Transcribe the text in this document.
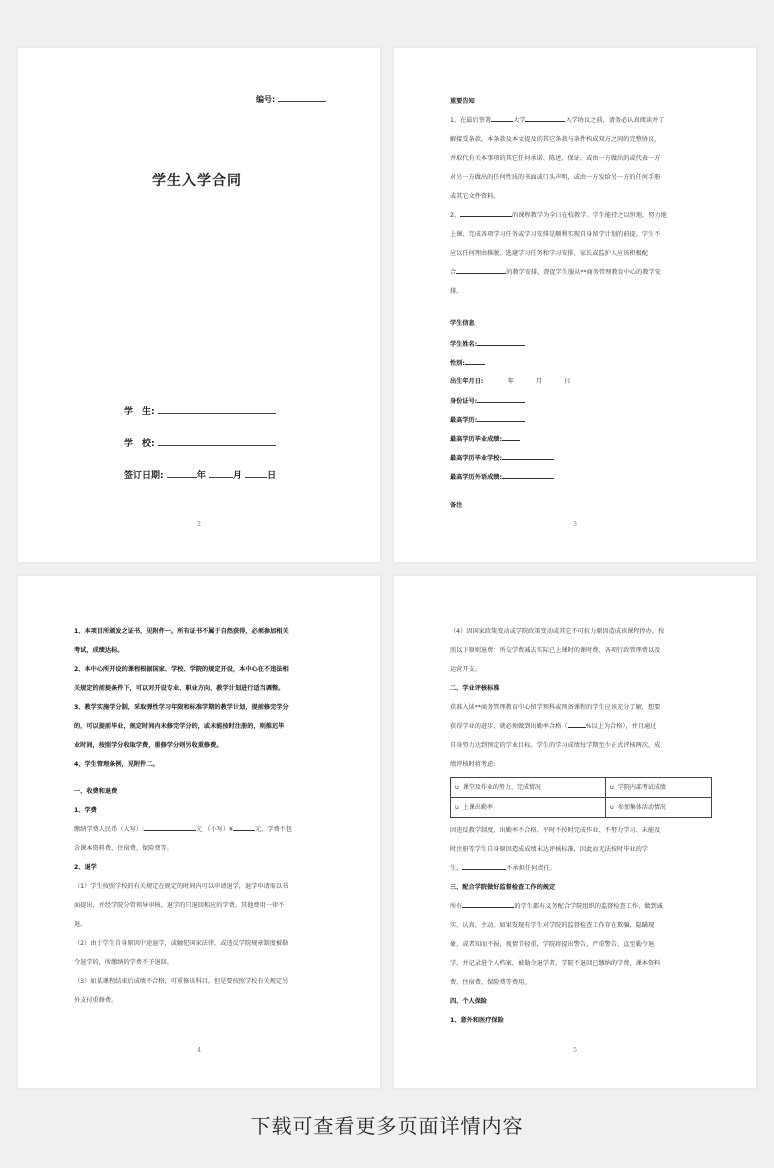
编号:
学生入学合同
学　生:
学　校:
签订日期:	年	月	日
2

重要告知

1、在最后签署	大学	入学协议之前，请务必认真阅读并了

解接受条款。本条款及本文提及的其它条款与条件构成双方之间的完整协议，

并取代有关本事项的其它任何承诺、陈述、保证、或由一方做出的或代表一方

对另一方做出的任何性质的书面或口头声明，或由一方发给另一方的任何手册

或其它文件资料。

2、	的课程教学为全日在校教学。学生能持之以恒地、努力地

上课、完成各项学习任务或学习安排是顺利实现自身留学计划的前提。学生不

应以任何理由推脱、逃避学习任务和学习安排，家长或监护人应该积极配

合	的教学安排，督促学生服从**商务管理教育中心的教学安

排。

学生信息
学生姓名:
性别:
出生年月日:	年	月	日
身份证号:
最高学历:
最高学历毕业成绩:
最高学历毕业学校:
最高学历外语成绩:
备注
3

1、本项目所颁发之证书，见附件一。所有证书不属于自然获得，必须参加相关

考试，成绩达标。

2、本中心所开设的课程根据国家、学校、学院的规定开设，本中心在不违法相

关规定的前提条件下，可以对开设专业、职业方向、教学计划进行适当调整。

3、教学实施学分制，采取弹性学习年限和标准学期的教学计划，提前修完学分

的，可以提前毕业，规定时间内未修完学分的，或未能按时注册的，则推迟毕

业时间，按照学分收取学费，重修学分则另收重修费。

4、学生管理条例，见附件二。

一、收费和退费

1、学费

缴纳学费人民币（大写）:	元 （小写）¥	元，学费不包

含课本资料费、住宿费、保险费等。

2、退学

（1）学生按照学校的有关规定在规定的时间内可以申请退学，退学申请需以书

面提出，并经学院分管领导审核。退学的只退回相应的学费，其他费用一律不

退。

（2）由于学生自身原因中途退学，或触犯国家法律，或违反学院规章制度被勒

令退学的，所缴纳的学费不予退回。

（3）如某课程结束后成绩不合格，可重修该科目。但是要按照学校有关规定另

外支付重修费。

4

（4）因国家政策变动或学院政策变动或其它不可抗力原因造成该课程停办，按

照以下原则退费：所交学费减去实际已上课时的课时费、各项行政管理费以及

运营开支。

二、学业评核标准

获准入读**商务管理教育中心留学预科或预备课程的学生应该充分了解，想要

获得学业的进步，就必须做到出勤率合格（	%以上为合格），并且通过

自身努力达到预定的学业目标。学生的学习成绩每学期至少正式评核两次，成

绩评核时将考虑:

u 课堂及作业的努力、完成情况	u 学院内部考试成绩
u 上课出勤率	u 参加集体活动情况

因违反教学制度、出勤率不合格、平时不按时完成作业、不努力学习、未能及

时注册等学生自身原因造成成绩未达评核标准，因此而无法按时毕业的学

生，	不承担任何责任。

三、配合学院做好监督检查工作的规定

所有	的学生都有义务配合学院组织的监督检查工作，做到诚

实、认真、主动。如果发现有学生对学院的监督检查工作存在欺骗、隐瞒现

象，或者知而不报，视情节轻重，学院将提出警告、严重警告、直至勒令退

学，并记录进个人档案，被勒令退学者，学院不退回已缴纳的学费、课本资料

费、住宿费、保险费等费用。

四、个人保险

1、意外和医疗保险

5
下载可查看更多页面详情内容
